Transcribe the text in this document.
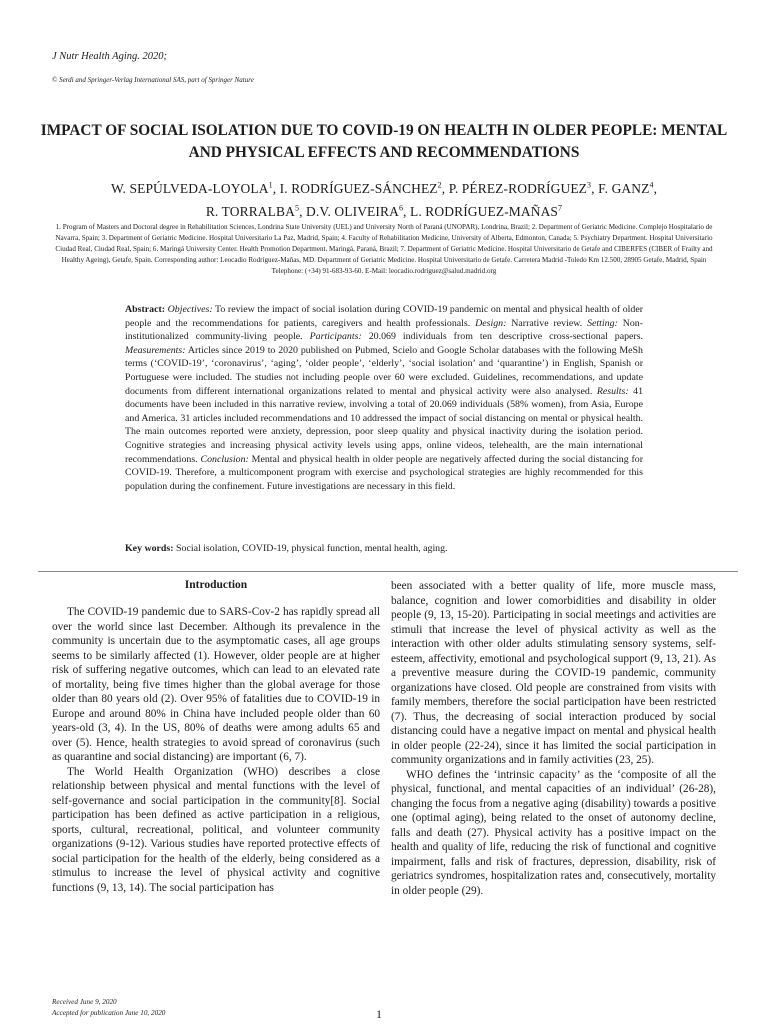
J Nutr Health Aging. 2020;
© Serdi and Springer-Verlag International SAS, part of Springer Nature
IMPACT OF SOCIAL ISOLATION DUE TO COVID-19 ON HEALTH IN OLDER PEOPLE: MENTAL AND PHYSICAL EFFECTS AND RECOMMENDATIONS
W. SEPÚLVEDA-LOYOLA$^1$, I. RODRÍGUEZ-SÁNCHEZ$^2$, P. PÉREZ-RODRÍGUEZ$^3$, F. GANZ$^4$,
R. TORRALBA$^5$, D.V. OLIVEIRA$^6$, L. RODRÍGUEZ-MAÑAS$^7$
1. Program of Masters and Doctoral degree in Rehabilitation Sciences, Londrina State University (UEL) and University North of Paraná (UNOPAR), Londrina, Brazil; 2. Department of Geriatric Medicine. Complejo Hospitalario de Navarra, Spain; 3. Department of Geriatric Medicine. Hospital Universitario La Paz, Madrid, Spain; 4. Faculty of Rehabilitation Medicine, University of Alberta, Edmonton, Canada; 5. Psychiatry Department. Hospital Universitario Ciudad Real, Ciudad Real, Spain; 6. Maringá University Center. Health Promotion Department. Maringá, Paraná, Brazil; 7. Department of Geriatric Medicine. Hospital Universitario de Getafe and CIBERFES (CIBER of Frailty and Healthy Ageing), Getafe, Spain. Corresponding author: Leocadio Rodríguez-Mañas, MD. Department of Geriatric Medicine. Hospital Universitario de Getafe. Carretera Madrid -Toledo Km 12.500, 28905 Getafe, Madrid, Spain Telephone: (+34) 91-683-93-60. E-Mail: leocadio.rodriguez@salud.madrid.org
Abstract: Objectives: To review the impact of social isolation during COVID-19 pandemic on mental and physical health of older people and the recommendations for patients, caregivers and health professionals. Design: Narrative review. Setting: Non-institutionalized community-living people. Participants: 20.069 individuals from ten descriptive cross-sectional papers. Measurements: Articles since 2019 to 2020 published on Pubmed, Scielo and Google Scholar databases with the following MeSh terms (‘COVID-19’, ‘coronavirus’, ‘aging’, ‘older people’, ‘elderly’, ‘social isolation’ and ‘quarantine’) in English, Spanish or Portuguese were included. The studies not including people over 60 were excluded. Guidelines, recommendations, and update documents from different international organizations related to mental and physical activity were also analysed. Results: 41 documents have been included in this narrative review, involving a total of 20.069 individuals (58% women), from Asia, Europe and America. 31 articles included recommendations and 10 addressed the impact of social distancing on mental or physical health. The main outcomes reported were anxiety, depression, poor sleep quality and physical inactivity during the isolation period. Cognitive strategies and increasing physical activity levels using apps, online videos, telehealth, are the main international recommendations. Conclusion: Mental and physical health in older people are negatively affected during the social distancing for COVID-19. Therefore, a multicomponent program with exercise and psychological strategies are highly recommended for this population during the confinement. Future investigations are necessary in this field.
Key words: Social isolation, COVID-19, physical function, mental health, aging.
Introduction

The COVID-19 pandemic due to SARS-Cov-2 has rapidly spread all over the world since last December. Although its prevalence in the community is uncertain due to the asymptomatic cases, all age groups seems to be similarly affected (1). However, older people are at higher risk of suffering negative outcomes, which can lead to an elevated rate of mortality, being five times higher than the global average for those older than 80 years old (2). Over 95% of fatalities due to COVID-19 in Europe and around 80% in China have included people older than 60 years-old (3, 4). In the US, 80% of deaths were among adults 65 and over (5). Hence, health strategies to avoid spread of coronavirus (such as quarantine and social distancing) are important (6, 7).

The World Health Organization (WHO) describes a close relationship between physical and mental functions with the level of self-governance and social participation in the community[8]. Social participation has been defined as active participation in a religious, sports, cultural, recreational, political, and volunteer community organizations (9-12). Various studies have reported protective effects of social participation for the health of the elderly, being considered as a stimulus to increase the level of physical activity and cognitive functions (9, 13, 14). The social participation has

been associated with a better quality of life, more muscle mass, balance, cognition and lower comorbidities and disability in older people (9, 13, 15-20). Participating in social meetings and activities are stimuli that increase the level of physical activity as well as the interaction with other older adults stimulating sensory systems, self-esteem, affectivity, emotional and psychological support (9, 13, 21). As a preventive measure during the COVID-19 pandemic, community organizations have closed. Old people are constrained from visits with family members, therefore the social participation have been restricted (7). Thus, the decreasing of social interaction produced by social distancing could have a negative impact on mental and physical health in older people (22-24), since it has limited the social participation in community organizations and in family activities (23, 25).

WHO defines the ‘intrinsic capacity’ as the ‘composite of all the physical, functional, and mental capacities of an individual’ (26-28), changing the focus from a negative aging (disability) towards a positive one (optimal aging), being related to the onset of autonomy decline, falls and death (27). Physical activity has a positive impact on the health and quality of life, reducing the risk of functional and cognitive impairment, falls and risk of fractures, depression, disability, risk of geriatrics syndromes, hospitalization rates and, consecutively, mortality in older people (29).

Received June 9, 2020
Accepted for publication June 10, 2020	1
